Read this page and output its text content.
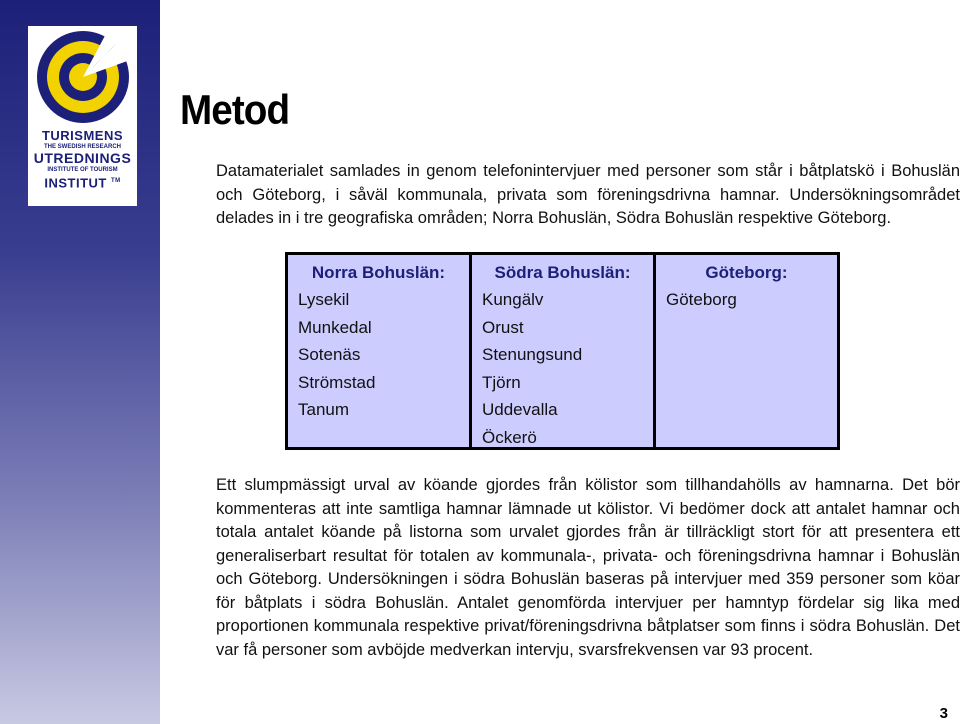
TURISMENS
THE SWEDISH RESEARCH
UTREDNINGS
INSTITUTE OF TOURISM
INSTITUT ™
Metod

Datamaterialet samlades in genom telefonintervjuer med personer som står i båtplatskö i Bohuslän och Göteborg, i såväl kommunala, privata som föreningsdrivna hamnar. Undersökningsområdet delades in i tre geografiska områden; Norra Bohuslän, Södra Bohuslän respektive Göteborg.

Norra Bohuslän:
Lysekil
Munkedal
Sotenäs
Strömstad
Tanum
Södra Bohuslän:
Kungälv
Orust
Stenungsund
Tjörn
Uddevalla
Öckerö
Göteborg:
Göteborg

Ett slumpmässigt urval av köande gjordes från kölistor som tillhandahölls av hamnarna. Det bör kommenteras att inte samtliga hamnar lämnade ut kölistor. Vi bedömer dock att antalet hamnar och totala antalet köande på listorna som urvalet gjordes från är tillräckligt stort för att presentera ett generaliserbart resultat för totalen av kommunala-, privata- och föreningsdrivna hamnar i Bohuslän och Göteborg. Undersökningen i södra Bohuslän baseras på intervjuer med 359 personer som köar för båtplats i södra Bohuslän. Antalet genomförda intervjuer per hamntyp fördelar sig lika med proportionen kommunala respektive privat/föreningsdrivna båtplatser som finns i södra Bohuslän. Det var få personer som avböjde medverkan intervju, svarsfrekvensen var 93 procent.

3
